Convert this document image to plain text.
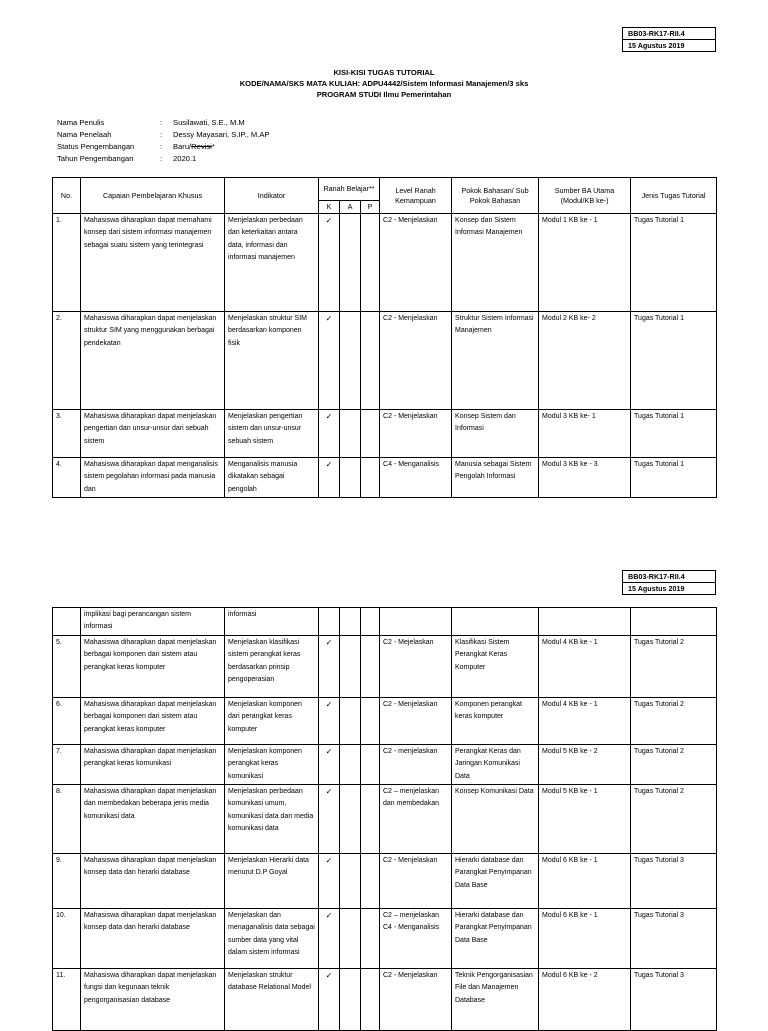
BB03-RK17-RII.4
15 Agustus 2019
KISI-KISI TUGAS TUTORIAL
KODE/NAMA/SKS MATA KULIAH: ADPU4442/Sistem Informasi Manajemen/3 sks
PROGRAM STUDI Ilmu Pemerintahan
Nama Penulis	:	Susilawati, S.E., M.M
Nama Penelaah	:	Dessy Mayasari, S.IP., M.AP
Status Pengembangan	:	Baru/Revisi*
Tahun Pengembangan	:	2020.1
No.	Capaian Pembelajaran Khusus	Indikator	Ranah Belajar**			Level Ranah Kemampuan	Pokok Bahasan/ Sub Pokok Bahasan	Sumber BA Utama (Modul/KB ke-)	Jenis Tugas Tutorial
			K	A	P				
1.	Mahasiswa diharapkan dapat memahami konsep dari sistem informasi manajemen sebagai suatu sistem yang terintegrasi	Menjelaskan perbedaan dan keterkaitan antara data, informasi dan informasi manajemen	✓			C2 - Menjelaskan	Konsep dan Sistem Informasi Manajemen	Modul 1 KB ke - 1	Tugas Tutorial 1
2.	Mahasiswa diharapkan dapat menjelaskan struktur SIM yang menggunakan berbagai pendekatan	Menjelaskan struktur SIM berdasarkan komponen fisik	✓			C2 - Menjelaskan	Struktur Sistem Informasi Manajemen	Modul 2 KB ke- 2	Tugas Tutorial 1
3.	Mahasiswa diharapkan dapat menjelaskan pengertian dan unsur-unsur dari sebuah sistem	Menjelaskan pengertian sistem dan unsur-unsur sebuah sistem	✓			C2 - Menjelaskan	Konsep Sistem dan Informasi	Modul 3 KB ke- 1	Tugas Tutorial 1
4.	Mahasiswa diharapkan dapat menganalisis sistem pegolahan informasi pada manusia dan	Menganalisis manusia dikatakan sebagai pengolah	✓			C4 - Menganalisis	Manusia sebagai Sistem Pengolah Informasi	Modul 3 KB ke - 3	Tugas Tutorial 1
BB03-RK17-RII.4
15 Agustus 2019
	implikasi bagi perancangan sistem informasi	informasi							
5.	Mahasiswa diharapkan dapat menjelaskan berbagai komponen dari sistem atau perangkat keras komputer	Menjelaskan klasifikasi sistem perangkat keras berdasarkan prinsip pengoperasian	✓			C2 - Mejelaskan	Klasifikasi Sistem Perangkat Keras Komputer	Modul 4 KB ke - 1	Tugas Tutorial 2
6.	Mahasiswa diharapkan dapat menjelaskan berbagai komponen dari sistem atau perangkat keras komputer	Menjelaskan komponen dari perangkat keras komputer	✓			C2 - Menjelaskan	Komponen perangkat keras komputer	Modul 4 KB ke - 1	Tugas Tutorial 2
7.	Mahasiswa diharapkan dapat menjelaskan perangkat keras komunikasi	Menjelaskan komponen perangkat keras komunikasi	✓			C2 - menjelaskan	Perangkat Keras dan Jaringan Komunikasi Data	Modul 5 KB ke - 2	Tugas Tutorial 2
8.	Mahasiswa diharapkan dapat menjelaskan dan membedakan beberapa jenis media komunikasi data	Menjelaskan perbedaan komunikasi umum, komunikasi data dan media komunikasi data	✓			C2 – menjelaskan dan membedakan	Konsep Komunikasi Data	Modul 5 KB ke - 1	Tugas Tutorial 2
9.	Mahasiswa diharapkan dapat menjelaskan konsep data dan herarki database	Menjelaskan Hierarki data menurut D.P Goyal	✓			C2 - Menjelaskan	Hierarki database dan Parangkat Penyimpanan Data Base	Modul 6 KB ke - 1	Tugas Tutorial 3
10.	Mahasiswa diharapkan dapat menjelaskan konsep data dan herarki database	Menjelaskan dan menaganalisis data sebagai sumber data yang vital dalam sistem informasi	✓			C2 – menjelaskan C4 - Menganalisis	Hierarki database dan Parangkat Penyimpanan Data Base	Modul 6 KB ke - 1	Tugas Tutorial 3
11.	Mahasiswa diharapkan dapat menjelaskan fungsi dan kegunaan teknik pengorganisasian database	Menjelaskan struktur database Relational Model	✓			C2 - Menjelaskan	Teknik Pengorganisasian File dan Manajemen Database	Modul 6 KB ke - 2	Tugas Tutorial 3
